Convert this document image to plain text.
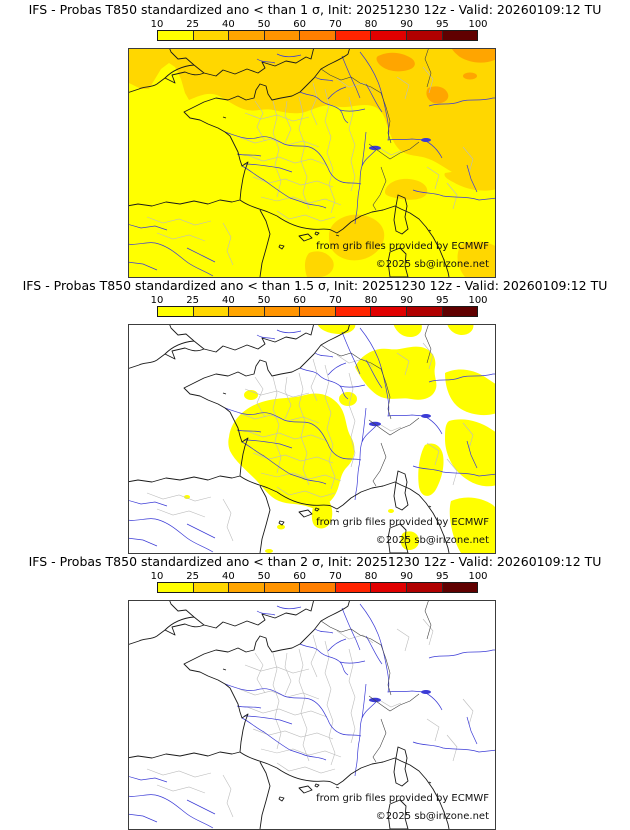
IFS - Probas T850 standardized ano < than 1 σ, Init: 20251230 12z - Valid: 20260109:12 TU
10 25 40 50 60 70 80 90 95 100
from grib files provided by ECMWF
©2025 sb@irizone.net
IFS - Probas T850 standardized ano < than 1.5 σ, Init: 20251230 12z - Valid: 20260109:12 TU
10 25 40 50 60 70 80 90 95 100
from grib files provided by ECMWF
©2025 sb@irizone.net
IFS - Probas T850 standardized ano < than 2 σ, Init: 20251230 12z - Valid: 20260109:12 TU
10 25 40 50 60 70 80 90 95 100
from grib files provided by ECMWF
©2025 sb@irizone.net
